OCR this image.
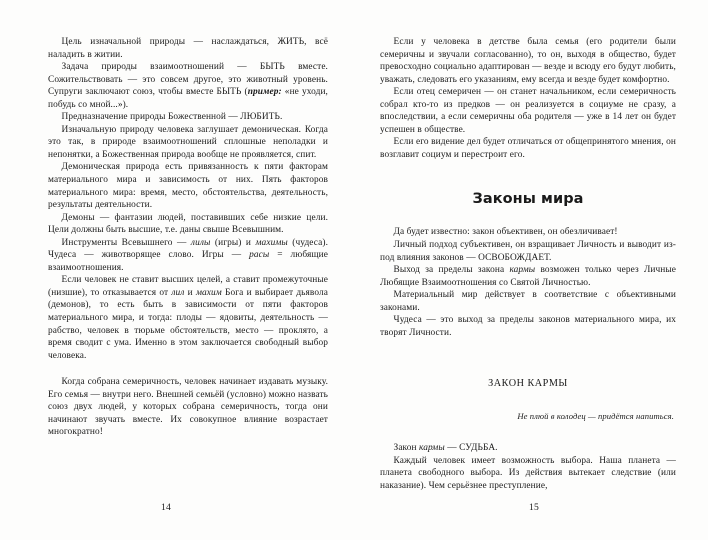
Цель изначальной природы — наслаждаться, ЖИТЬ, всё наладить в житии.

Задача природы взаимоотношений — БЫТЬ вместе. Сожительствовать — это совсем другое, это животный уровень. Супруги заключают союз, чтобы вместе БЫТЬ (пример: «не уходи, побудь со мной...»).

Предназначение природы Божественной — ЛЮБИТЬ.

Изначальную природу человека заглушает демоническая. Когда это так, в природе взаимоотношений сплошные неполадки и непонятки, а Божественная природа вообще не проявляется, спит.

Демоническая природа есть привязанность к пяти факторам материального мира и зависимость от них. Пять факторов материального мира: время, место, обстоятельства, деятельность, результаты деятельности.

Демоны — фантазии людей, поставивших себе низкие цели. Цели должны быть высшие, т.е. даны свыше Всевышним.

Инструменты Всевышнего — лилы (игры) и махимы (чудеса). Чудеса — животворящее слово. Игры — расы = любящие взаимоотношения.

Если человек не ставит высших целей, а ставит промежуточные (низшие), то отказывается от лил и махим Бога и выбирает дьявола (демонов), то есть быть в зависимости от пяти факторов материального мира, и тогда: плоды — ядовиты, деятельность — рабство, человек в тюрьме обстоятельств, место — проклято, а время сводит с ума. Именно в этом заключается свободный выбор человека.

Когда собрана семеричность, человек начинает издавать музыку. Его семья — внутри него. Внешней семьёй (условно) можно назвать союз двух людей, у которых собрана семеричность, тогда они начинают звучать вместе. Их совокупное влияние возрастает многократно!

14

Если у человека в детстве была семья (его родители были семеричны и звучали согласованно), то он, выходя в общество, будет превосходно социально адаптирован — везде и всюду его будут любить, уважать, следовать его указаниям, ему всегда и везде будет комфортно.

Если отец семеричен — он станет начальником, если семеричность собрал кто-то из предков — он реализуется в социуме не сразу, а впоследствии, а если семеричны оба родителя — уже в 14 лет он будет успешен в обществе.

Если его видение дел будет отличаться от общепринятого мнения, он возглавит социум и перестроит его.

Законы мира

Да будет известно: закон объективен, он обезличивает!

Личный подход субъективен, он взращивает Личность и выводит из-под влияния законов — ОСВОБОЖДАЕТ.

Выход за пределы закона кармы возможен только через Личные Любящие Взаимоотношения со Святой Личностью.

Материальный мир действует в соответствие с объективными законами.

Чудеса — это выход за пределы законов материального мира, их творят Личности.

ЗАКОН КАРМЫ

Не плюй в колодец — придётся напиться.

Закон кармы — СУДЬБА.

Каждый человек имеет возможность выбора. Наша планета — планета свободного выбора. Из действия вытекает следствие (или наказание). Чем серьёзнее преступление,

15
